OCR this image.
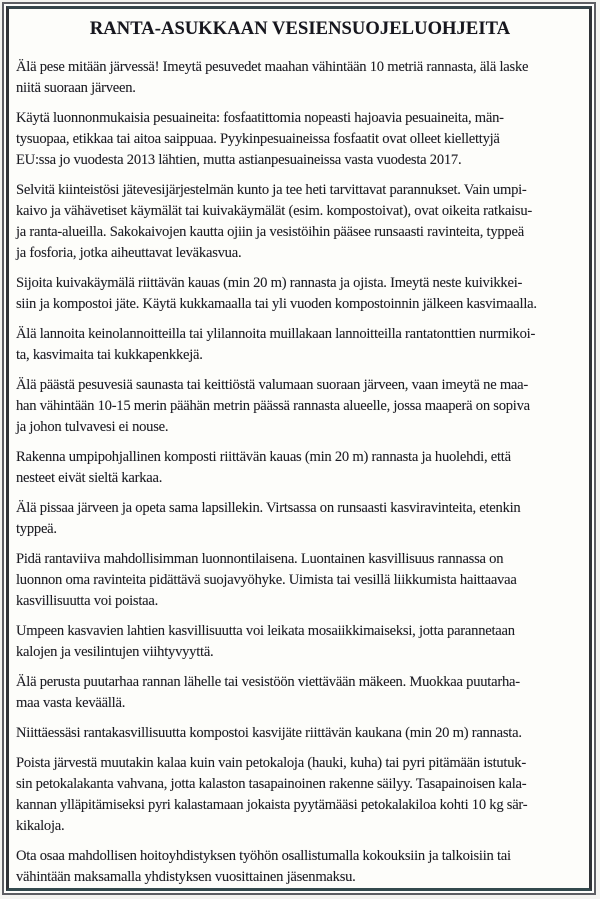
RANTA-ASUKKAAN VESIENSUOJELUOHJEITA
Älä pese mitään järvessä! Imeytä pesuvedet maahan vähintään 10 metriä rannasta, älä laske
niitä suoraan järveen.
Käytä luonnonmukaisia pesuaineita: fosfaatittomia nopeasti hajoavia pesuaineita, män-
tysuopaa, etikkaa tai aitoa saippuaa. Pyykinpesuaineissa fosfaatit ovat olleet kiellettyjä
EU:ssa jo vuodesta 2013 lähtien, mutta astianpesuaineissa vasta vuodesta 2017.
Selvitä kiinteistösi jätevesijärjestelmän kunto ja tee heti tarvittavat parannukset. Vain umpi-
kaivo ja vähävetiset käymälät tai kuivakäymälät (esim. kompostoivat), ovat oikeita ratkaisu-
ja ranta-alueilla. Sakokaivojen kautta ojiin ja vesistöihin pääsee runsaasti ravinteita, typpeä
ja fosforia, jotka aiheuttavat leväkasvua.
Sijoita kuivakäymälä riittävän kauas (min 20 m) rannasta ja ojista. Imeytä neste kuivikkei-
siin ja kompostoi jäte. Käytä kukkamaalla tai yli vuoden kompostoinnin jälkeen kasvimaalla.
Älä lannoita keinolannoitteilla tai ylilannoita muillakaan lannoitteilla rantatonttien nurmikoi-
ta, kasvimaita tai kukkapenkkejä.
Älä päästä pesuvesiä saunasta tai keittiöstä valumaan suoraan järveen, vaan imeytä ne maa-
han vähintään 10-15 merin päähän metrin päässä rannasta alueelle, jossa maaperä on sopiva
ja johon tulvavesi ei nouse.
Rakenna umpipohjallinen komposti riittävän kauas (min 20 m) rannasta ja huolehdi, että
nesteet eivät sieltä karkaa.
Älä pissaa järveen ja opeta sama lapsillekin. Virtsassa on runsaasti kasviravinteita, etenkin
typpeä.
Pidä rantaviiva mahdollisimman luonnontilaisena. Luontainen kasvillisuus rannassa on
luonnon oma ravinteita pidättävä suojavyöhyke. Uimista tai vesillä liikkumista haittaavaa
kasvillisuutta voi poistaa.
Umpeen kasvavien lahtien kasvillisuutta voi leikata mosaiikkimaiseksi, jotta parannetaan
kalojen ja vesilintujen viihtyvyyttä.
Älä perusta puutarhaa rannan lähelle tai vesistöön viettävään mäkeen. Muokkaa puutarha-
maa vasta keväällä.
Niittäessäsi rantakasvillisuutta kompostoi kasvijäte riittävän kaukana (min 20 m) rannasta.
Poista järvestä muutakin kalaa kuin vain petokaloja (hauki, kuha) tai pyri pitämään istutuk-
sin petokalakanta vahvana, jotta kalaston tasapainoinen rakenne säilyy. Tasapainoisen kala-
kannan ylläpitämiseksi pyri kalastamaan jokaista pyytämääsi petokalakiloa kohti 10 kg sär-
kikaloja.
Ota osaa mahdollisen hoitoyhdistyksen työhön osallistumalla kokouksiin ja talkoisiin tai
vähintään maksamalla yhdistyksen vuosittainen jäsenmaksu.
